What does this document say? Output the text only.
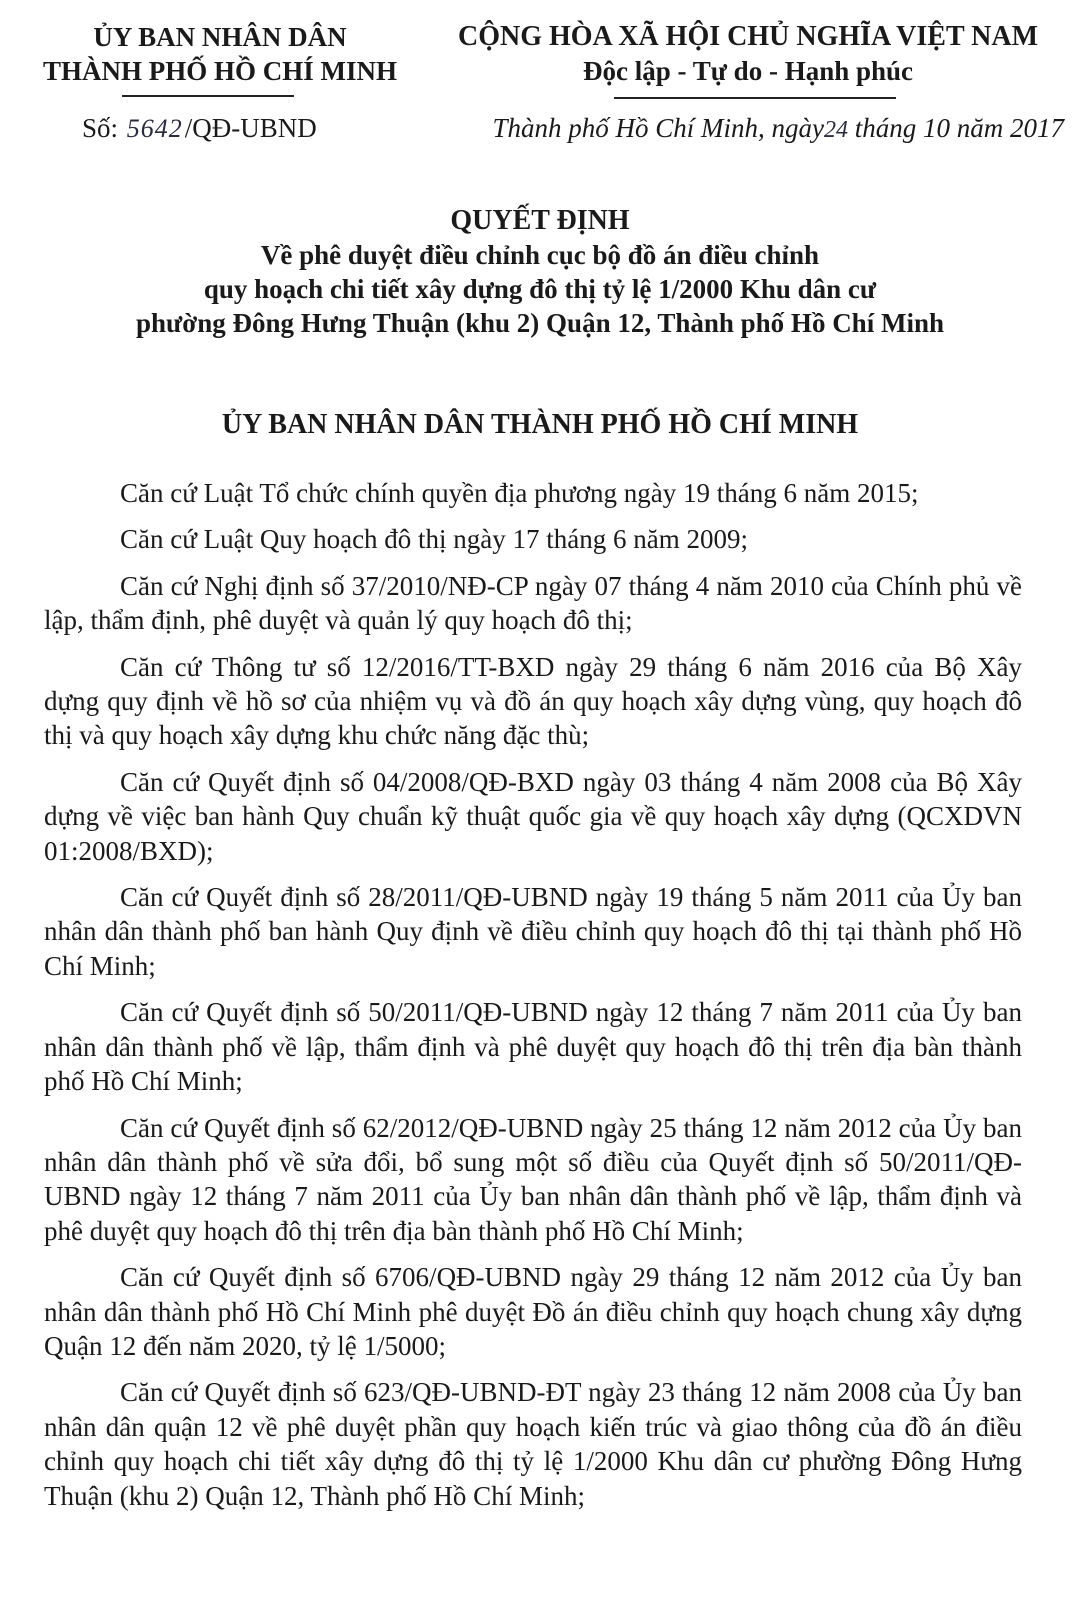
ỦY BAN NHÂN DÂN
THÀNH PHỐ HỒ CHÍ MINH
CỘNG HÒA XÃ HỘI CHỦ NGHĨA VIỆT NAM
Độc lập - Tự do - Hạnh phúc
Số: 5642/QĐ-UBND	Thành phố Hồ Chí Minh, ngày24 tháng 10 năm 2017
QUYẾT ĐỊNH
Về phê duyệt điều chỉnh cục bộ đồ án điều chỉnh
quy hoạch chi tiết xây dựng đô thị tỷ lệ 1/2000 Khu dân cư
phường Đông Hưng Thuận (khu 2) Quận 12, Thành phố Hồ Chí Minh
ỦY BAN NHÂN DÂN THÀNH PHỐ HỒ CHÍ MINH

Căn cứ Luật Tổ chức chính quyền địa phương ngày 19 tháng 6 năm 2015;

Căn cứ Luật Quy hoạch đô thị ngày 17 tháng 6 năm 2009;

Căn cứ Nghị định số 37/2010/NĐ-CP ngày 07 tháng 4 năm 2010 của Chính phủ về lập, thẩm định, phê duyệt và quản lý quy hoạch đô thị;

Căn cứ Thông tư số 12/2016/TT-BXD ngày 29 tháng 6 năm 2016 của Bộ Xây dựng quy định về hồ sơ của nhiệm vụ và đồ án quy hoạch xây dựng vùng, quy hoạch đô thị và quy hoạch xây dựng khu chức năng đặc thù;

Căn cứ Quyết định số 04/2008/QĐ-BXD ngày 03 tháng 4 năm 2008 của Bộ Xây dựng về việc ban hành Quy chuẩn kỹ thuật quốc gia về quy hoạch xây dựng (QCXDVN 01:2008/BXD);

Căn cứ Quyết định số 28/2011/QĐ-UBND ngày 19 tháng 5 năm 2011 của Ủy ban nhân dân thành phố ban hành Quy định về điều chỉnh quy hoạch đô thị tại thành phố Hồ Chí Minh;

Căn cứ Quyết định số 50/2011/QĐ-UBND ngày 12 tháng 7 năm 2011 của Ủy ban nhân dân thành phố về lập, thẩm định và phê duyệt quy hoạch đô thị trên địa bàn thành phố Hồ Chí Minh;

Căn cứ Quyết định số 62/2012/QĐ-UBND ngày 25 tháng 12 năm 2012 của Ủy ban nhân dân thành phố về sửa đổi, bổ sung một số điều của Quyết định số 50/2011/QĐ-UBND ngày 12 tháng 7 năm 2011 của Ủy ban nhân dân thành phố về lập, thẩm định và phê duyệt quy hoạch đô thị trên địa bàn thành phố Hồ Chí Minh;

Căn cứ Quyết định số 6706/QĐ-UBND ngày 29 tháng 12 năm 2012 của Ủy ban nhân dân thành phố Hồ Chí Minh phê duyệt Đồ án điều chỉnh quy hoạch chung xây dựng Quận 12 đến năm 2020, tỷ lệ 1/5000;

Căn cứ Quyết định số 623/QĐ-UBND-ĐT ngày 23 tháng 12 năm 2008 của Ủy ban nhân dân quận 12 về phê duyệt phần quy hoạch kiến trúc và giao thông của đồ án điều chỉnh quy hoạch chi tiết xây dựng đô thị tỷ lệ 1/2000 Khu dân cư phường Đông Hưng Thuận (khu 2) Quận 12, Thành phố Hồ Chí Minh;
